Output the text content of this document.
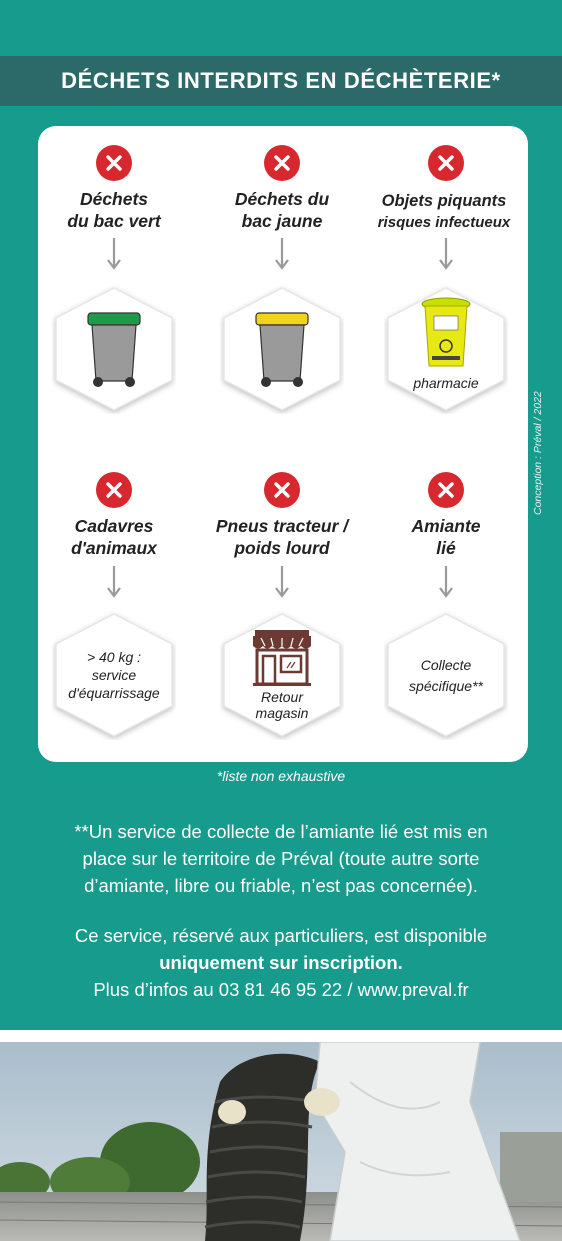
DÉCHETS INTERDITS EN DÉCHÈTERIE*
Conception : Préval / 2022
Déchets
du bac vert
Déchets du
bac jaune
Objets piquants
risques infectueux
pharmacie
Cadavres
d'animaux
Pneus tracteur /
poids lourd
Amiante
lié
> 40 kg :
service
d'équarrissage	Retour
magasin
Collecte
spécifique**
*liste non exhaustive
**Un service de collecte de l’amiante lié est mis en
place sur le territoire de Préval (toute autre sorte
d’amiante, libre ou friable, n’est pas concernée).
Ce service, réservé aux particuliers, est disponible
uniquement sur inscription.
Plus d’infos au 03 81 46 95 22 / www.preval.fr
